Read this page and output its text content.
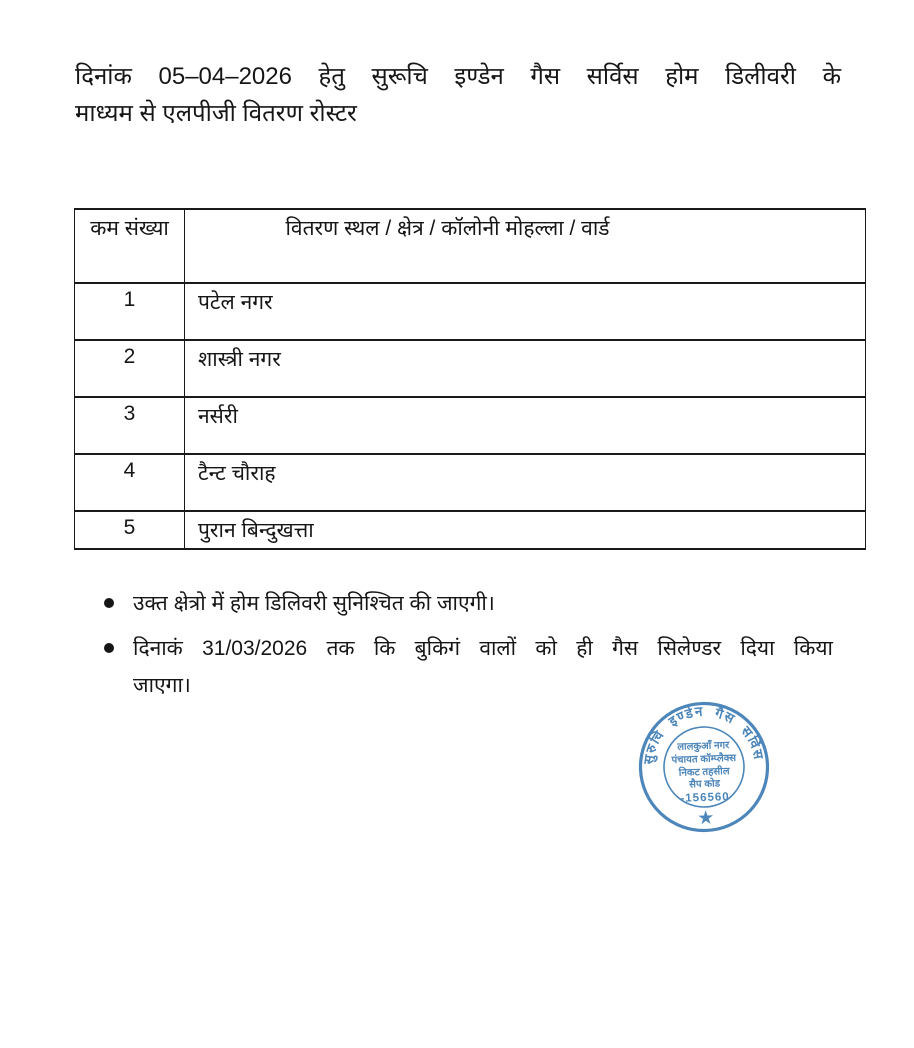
दिनांक 05–04–2026 हेतु सुरूचि इण्डेन गैस सर्विस होम डिलीवरी के
माध्यम से एलपीजी वितरण रोस्टर
कम संख्या	वितरण स्थल / क्षेत्र / कॉलोनी मोहल्ला / वार्ड
1	पटेल नगर
2	शास्त्री नगर
3	नर्सरी
4	टैन्ट चौराह
5	पुरान बिन्दुखत्ता
उक्त क्षेत्रो में होम डिलिवरी सुनिश्चित की जाएगी।
दिनाकं 31/03/2026 तक कि बुकिगं वालों को ही गैस सिलेण्डर दिया किया
जाएगा।
सुरुचि इण्डेन गैस सर्विस
लालकुआँ नगर
पंचायत कॉम्प्लैक्स
निकट तहसील
सैप कोड
-156560
★
